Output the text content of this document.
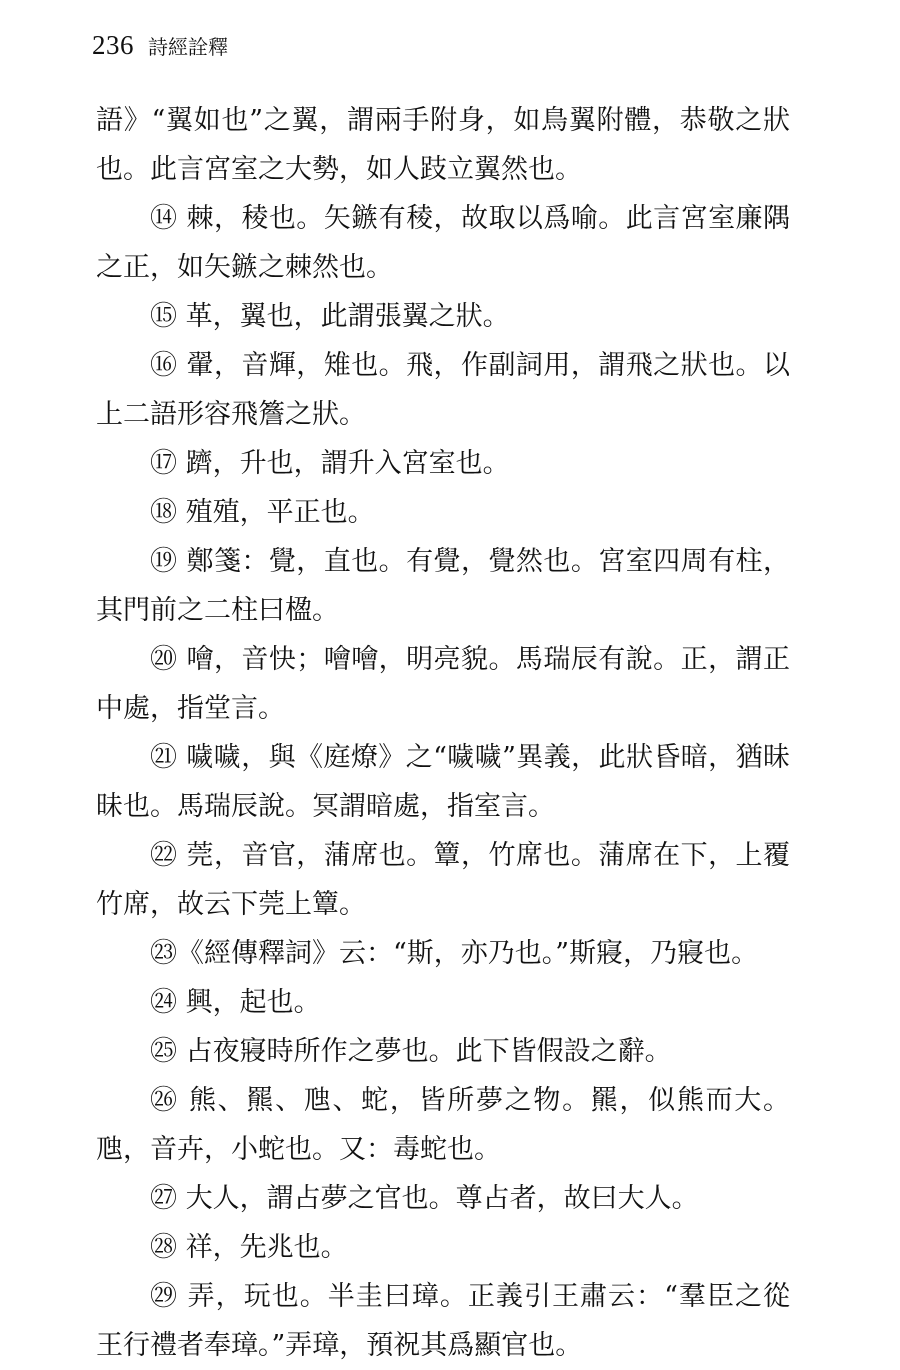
236 詩經詮釋

語》“翼如也”之翼，謂兩手附身，如鳥翼附體，恭敬之狀也。此言宮室之大勢，如人跂立翼然也。

⑭ 棘，稜也。矢鏃有稜，故取以爲喻。此言宮室廉隅之正，如矢鏃之棘然也。

⑮ 革，翼也，此謂張翼之狀。

⑯ 翬，音輝，雉也。飛，作副詞用，謂飛之狀也。以上二語形容飛簷之狀。

⑰ 躋，升也，謂升入宮室也。

⑱ 殖殖，平正也。

⑲ 鄭箋：覺，直也。有覺，覺然也。宮室四周有柱，其門前之二柱曰楹。

⑳ 噲，音快；噲噲，明亮貌。馬瑞辰有說。正，謂正中處，指堂言。

㉑ 噦噦，與《庭燎》之“噦噦”異義，此狀昏暗，猶昧昧也。馬瑞辰說。冥謂暗處，指室言。

㉒ 莞，音官，蒲席也。簟，竹席也。蒲席在下，上覆竹席，故云下莞上簟。

㉓《經傳釋詞》云：“斯，亦乃也。”斯寢，乃寢也。

㉔ 興，起也。

㉕ 占夜寢時所作之夢也。此下皆假設之辭。

㉖ 熊、羆、虺、蛇，皆所夢之物。羆，似熊而大。虺，音卉，小蛇也。又：毒蛇也。

㉗ 大人，謂占夢之官也。尊占者，故曰大人。

㉘ 祥，先兆也。

㉙ 弄，玩也。半圭曰璋。正義引王肅云：“羣臣之從王行禮者奉璋。”弄璋，預祝其爲顯官也。
